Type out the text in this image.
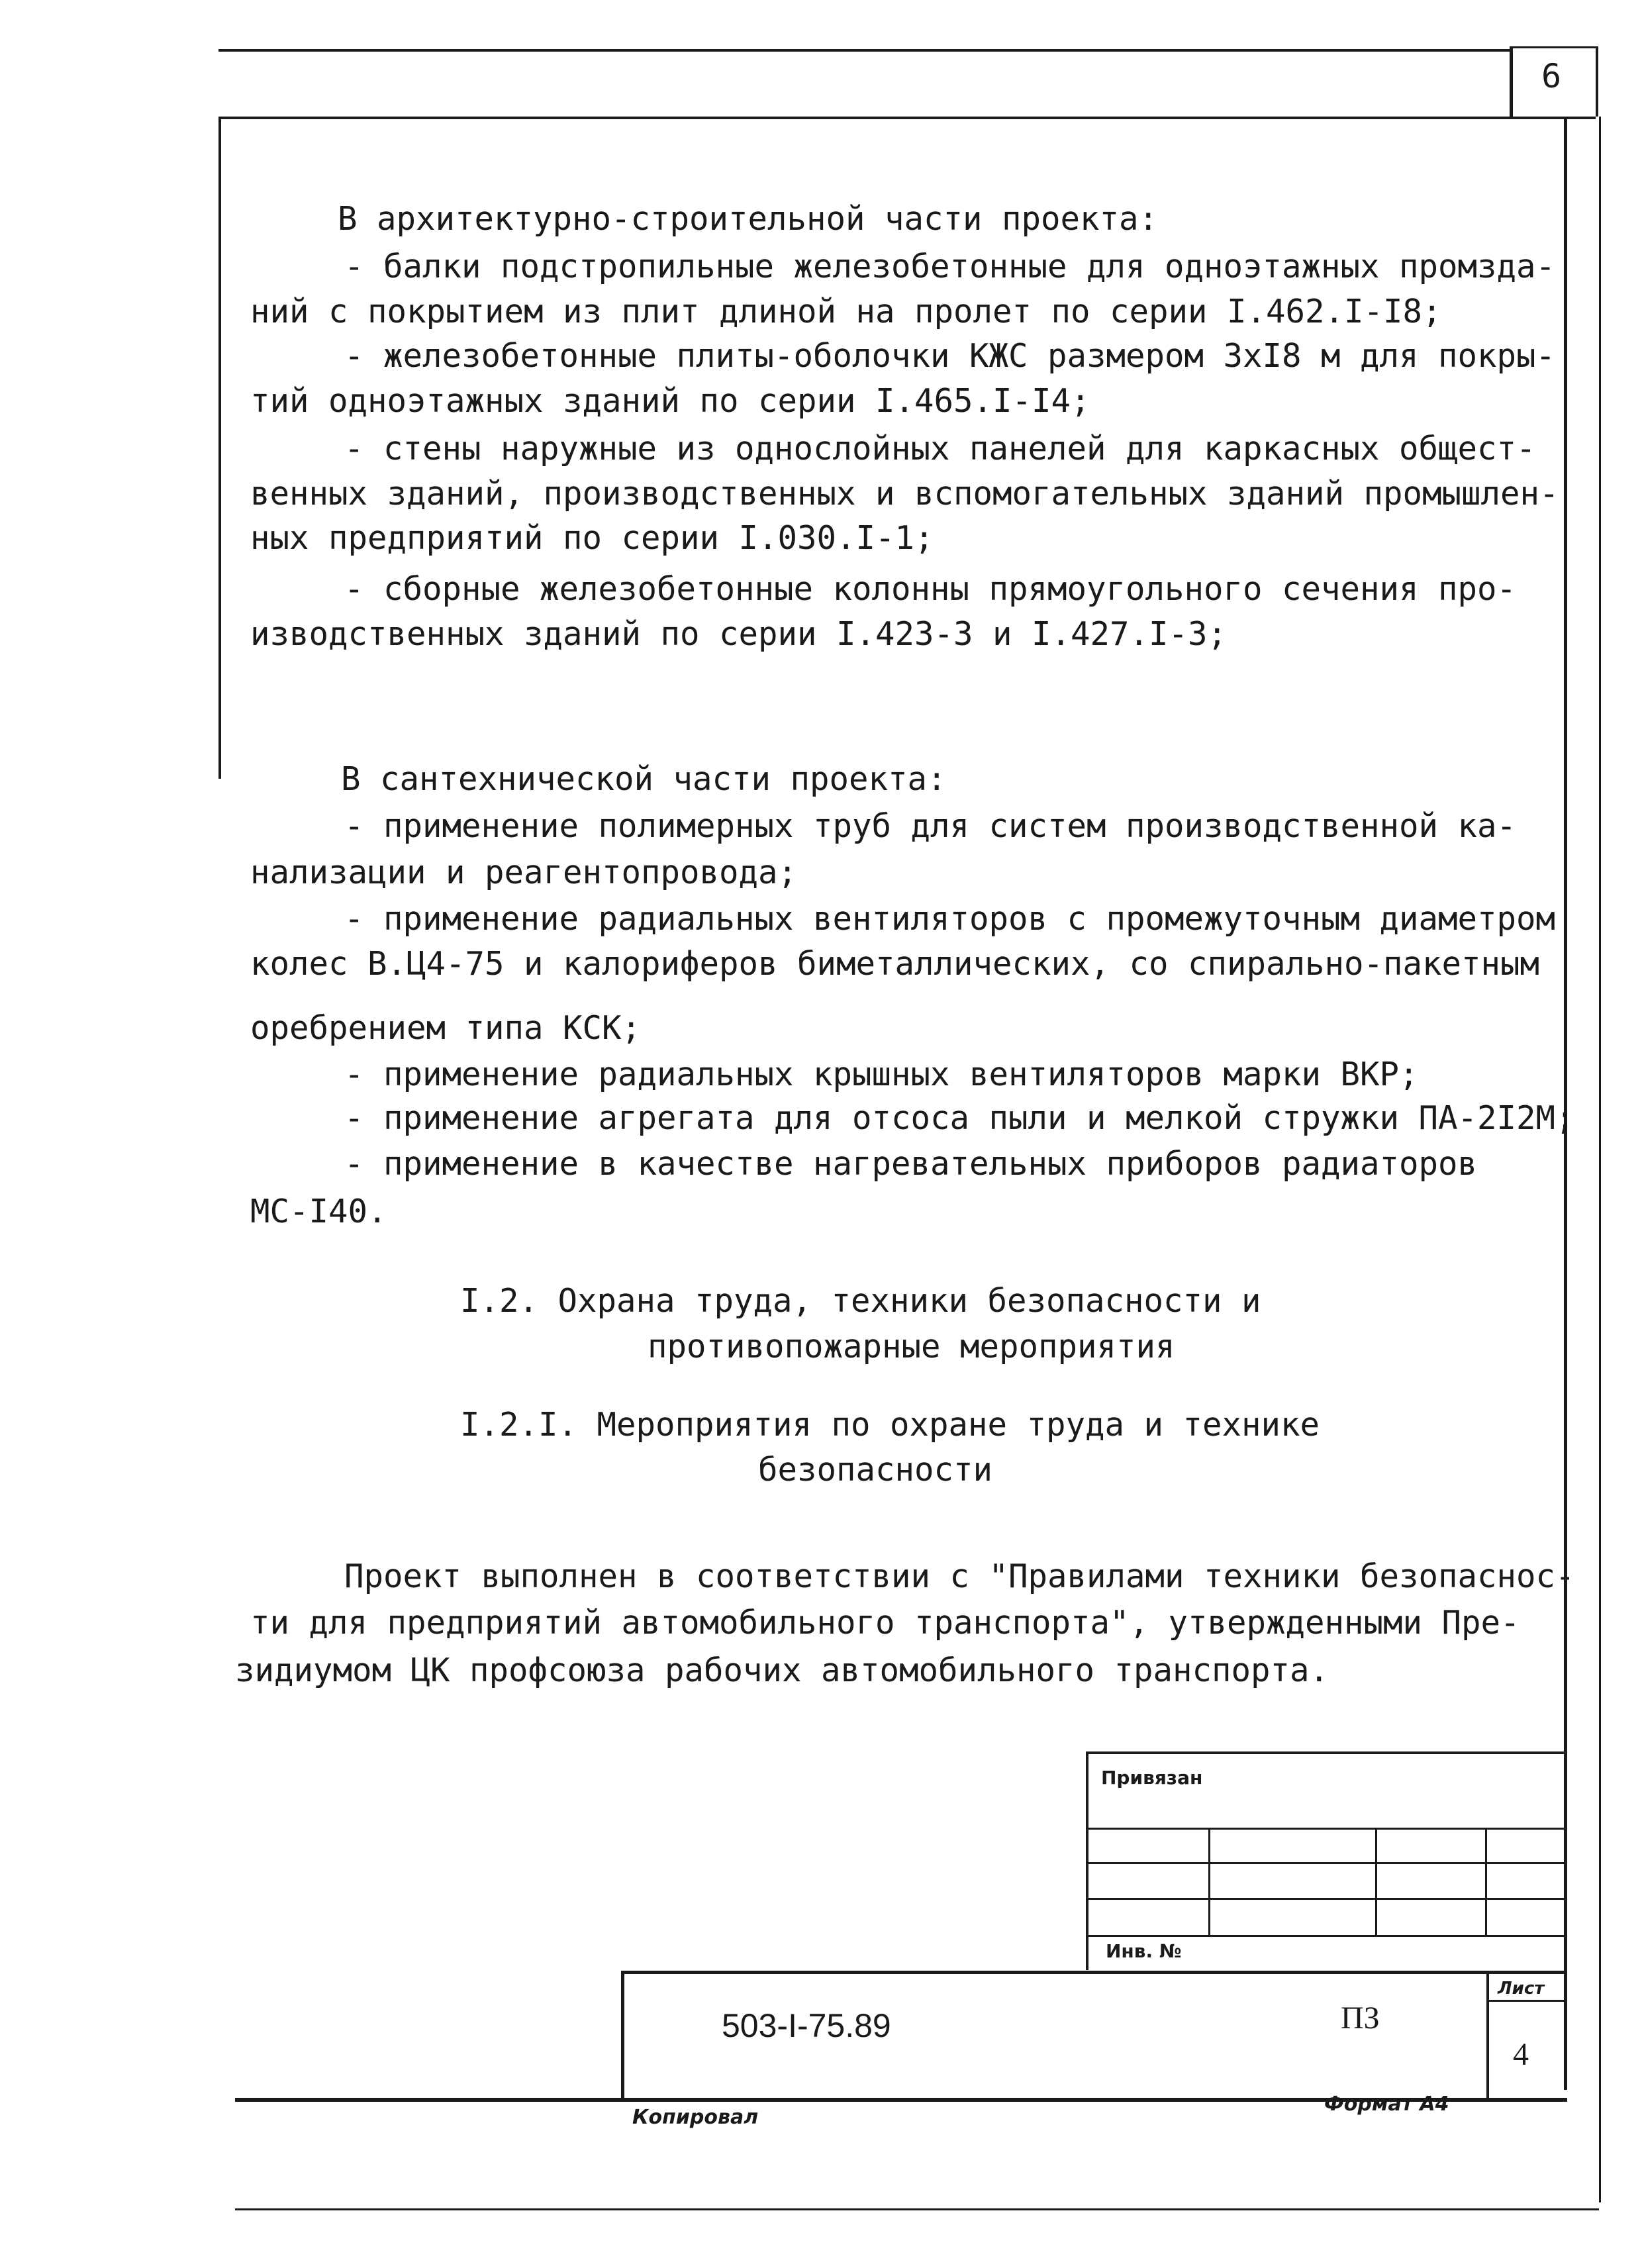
6
В архитектурно-строительной части проекта:
- балки подстропильные железобетонные для одноэтажных промзда-
ний с покрытием из плит длиной на пролет по серии I.462.I-I8;
- железобетонные плиты-оболочки КЖС размером 3хI8 м для покры-
тий одноэтажных зданий по серии I.465.I-I4;
- стены наружные из однослойных панелей для каркасных общест-
венных зданий, производственных и вспомогательных зданий промышлен-
ных предприятий по серии I.030.I-1;
- сборные железобетонные колонны прямоугольного сечения про-
изводственных зданий по серии I.423-3 и I.427.I-3;
В сантехнической части проекта:
- применение полимерных труб для систем производственной ка-
нализации и реагентопровода;
- применение радиальных вентиляторов с промежуточным диаметром
колес В.Ц4-75 и калориферов биметаллических, со спирально-пакетным
оребрением типа КСК;
- применение радиальных крышных вентиляторов марки ВКР;
- применение агрегата для отсоса пыли и мелкой стружки ПА-2I2М;
- применение в качестве нагревательных приборов радиаторов
МС-I40.
I.2. Охрана труда, техники безопасности и
противопожарные мероприятия
I.2.I. Мероприятия по охране труда и технике
безопасности
Проект выполнен в соответствии с "Правилами техники безопаснос-
ти для предприятий автомобильного транспорта", утвержденными Пре-
зидиумом ЦК профсоюза рабочих автомобильного транспорта.
Привязан
Инв. №
503-I-75.89	ПЗ
Лист
4
Копировал
Формат А4
